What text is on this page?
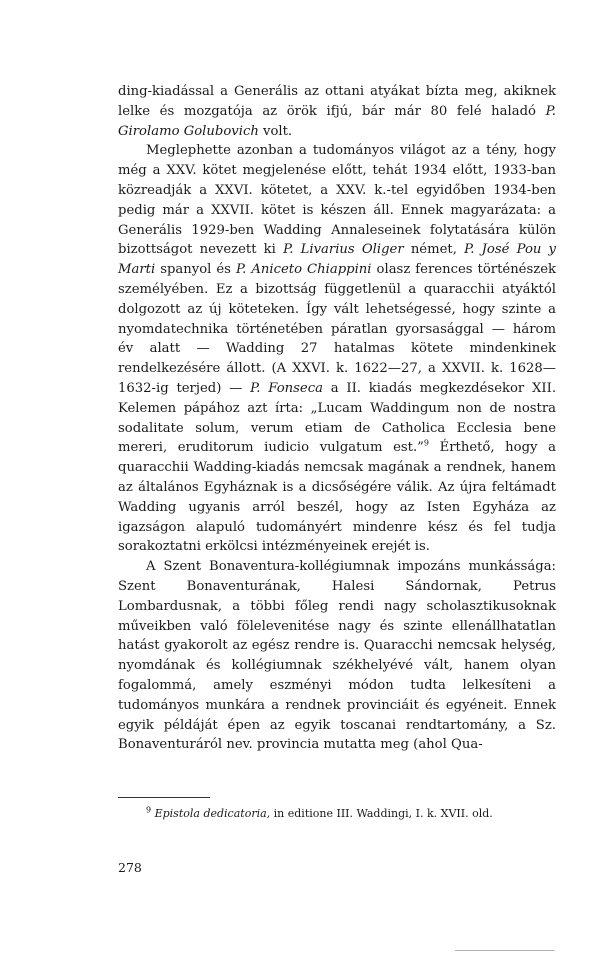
ding-kiadással a Generális az ottani atyákat bízta meg, akiknek lelke és mozgatója az örök ifjú, bár már 80 felé haladó P. Girolamo Golubovich volt.

Meglephette azonban a tudományos világot az a tény, hogy még a XXV. kötet megjelenése előtt, tehát 1934 előtt, 1933-ban közreadják a XXVI. kötetet, a XXV. k.-tel egyidőben 1934-ben pedig már a XXVII. kötet is készen áll. Ennek magyarázata: a Generális 1929-ben Wadding Annaleseinek folytatására külön bizottságot nevezett ki P. Livarius Oliger német, P. José Pou y Marti spanyol és P. Aniceto Chiappini olasz ferences történészek személyében. Ez a bizottság függetlenül a quaracchii atyáktól dolgozott az új köteteken. Így vált lehetségessé, hogy szinte a nyomdatechnika történetében páratlan gyorsasággal — három év alatt — Wadding 27 hatalmas kötete mindenkinek rendelkezésére állott. (A XXVI. k. 1622—27, a XXVII. k. 1628—1632-ig terjed) — P. Fonseca a II. kiadás megkezdésekor XII. Kelemen pápához azt írta: „Lucam Waddingum non de nostra sodalitate solum, verum etiam de Catholica Ecclesia bene mereri, eruditorum iudicio vulgatum est.”$^9$ Érthető, hogy a quaracchii Wadding-kiadás nemcsak magának a rendnek, hanem az általános Egyháznak is a dicsőségére válik. Az újra feltámadt Wadding ugyanis arról beszél, hogy az Isten Egyháza az igazságon alapuló tudományért mindenre kész és fel tudja sorakoztatni erkölcsi intézményeinek erejét is.

A Szent Bonaventura-kollégiumnak impozáns munkássága: Szent Bonaventurának, Halesi Sándornak, Petrus Lombardusnak, a többi főleg rendi nagy scholasztikusoknak műveikben való föleleveni̇tése nagy és szinte ellenállhatatlan hatást gyakorolt az egész rendre is. Quaracchi nemcsak helység, nyomdának és kollégiumnak székhelyévé vált, hanem olyan fogalommá, amely eszményi módon tudta lelkesíteni a tudományos munkára a rendnek provinciáit és egyéneit. Ennek egyik példáját épen az egyik toscanai rendtartomány, a Sz. Bonaventuráról nev. provincia mutatta meg (ahol Qua-

$^9$ Epistola dedicatoria, in editione III. Waddingi, I. k. XVII. old.
278
